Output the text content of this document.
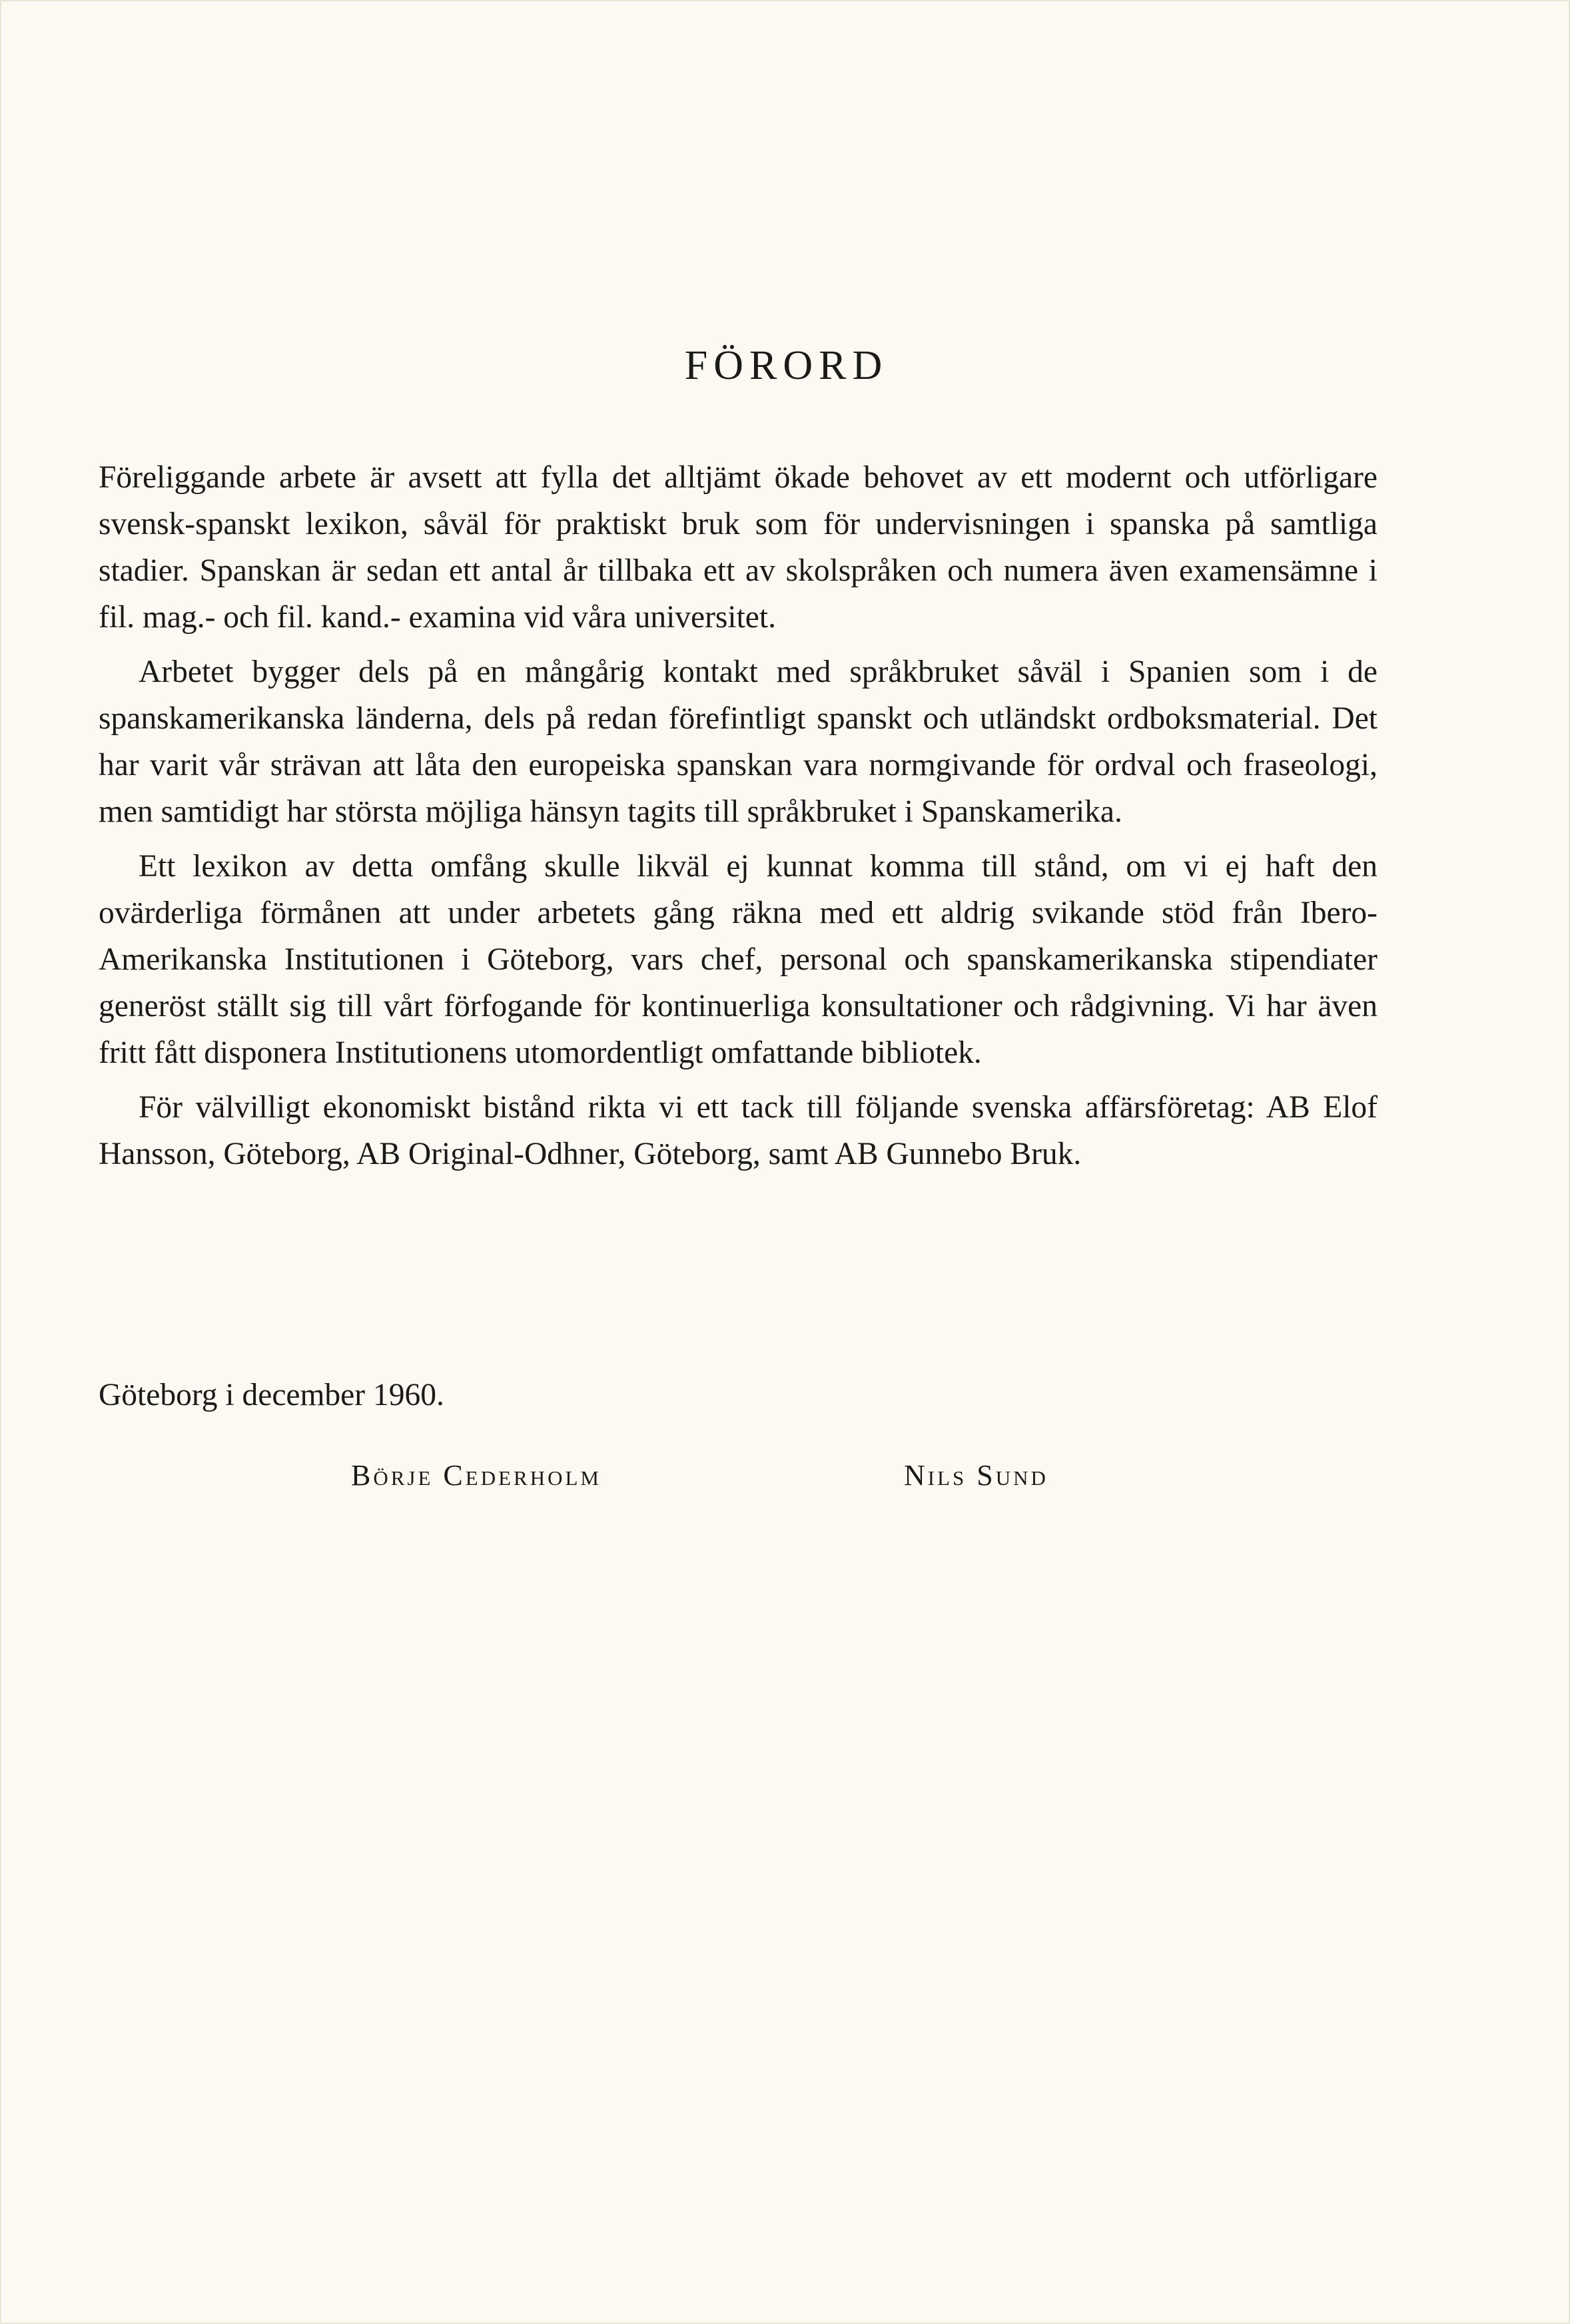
FÖRORD

Föreliggande arbete är avsett att fylla det alltjämt ökade behovet av ett modernt och utförligare svensk-spanskt lexikon, såväl för praktiskt bruk som för undervisningen i spanska på samtliga stadier. Spanskan är sedan ett antal år tillbaka ett av skolspråken och numera även examensämne i fil. mag.- och fil. kand.- examina vid våra universitet.

Arbetet bygger dels på en mångårig kontakt med språkbruket såväl i Spanien som i de spanskamerikanska länderna, dels på redan förefintligt spanskt och utländskt ordboksmaterial. Det har varit vår strävan att låta den europeiska spanskan vara normgivande för ordval och fraseologi, men samtidigt har största möjliga hänsyn tagits till språkbruket i Spanskamerika.

Ett lexikon av detta omfång skulle likväl ej kunnat komma till stånd, om vi ej haft den ovärderliga förmånen att under arbetets gång räkna med ett aldrig svikande stöd från Ibero-Amerikanska Institutionen i Göteborg, vars chef, personal och spanskamerikanska stipendiater generöst ställt sig till vårt förfogande för kontinuerliga konsultationer och rådgivning. Vi har även fritt fått disponera Institutionens utomordentligt omfattande bibliotek.

För välvilligt ekonomiskt bistånd rikta vi ett tack till följande svenska affärsföretag: AB Elof Hansson, Göteborg, AB Original-Odhner, Göteborg, samt AB Gunnebo Bruk.

Göteborg i december 1960.
Börje Cederholm	Nils Sund
